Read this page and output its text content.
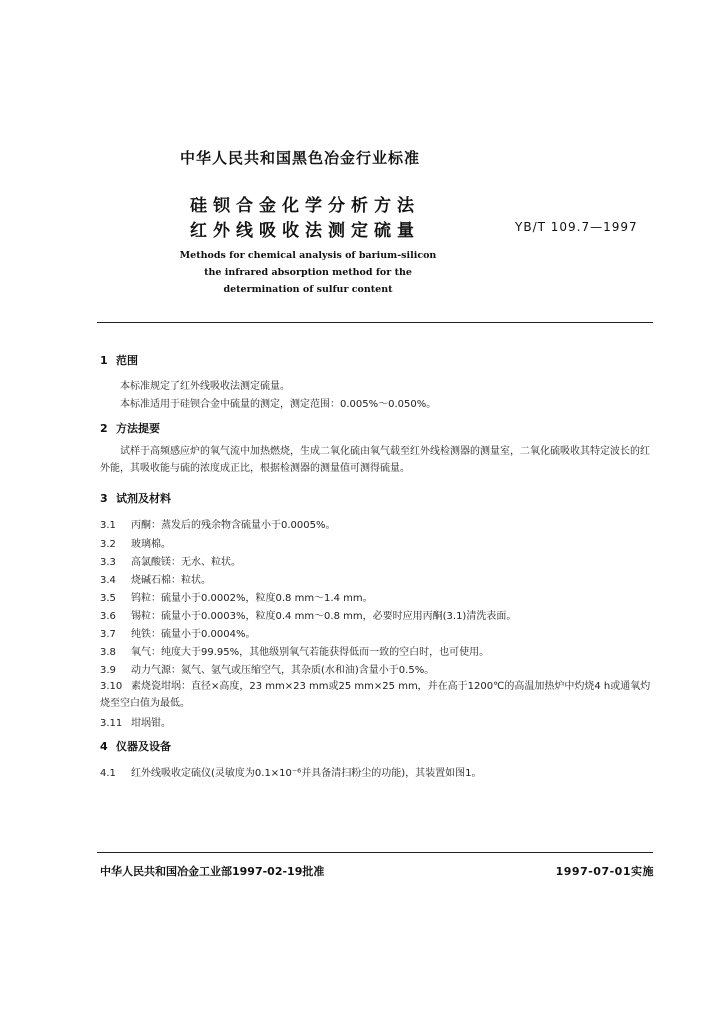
中华人民共和国黑色冶金行业标准
硅钡合金化学分析方法
红外线吸收法测定硫量	YB/T 109.7—1997
Methods for chemical analysis of barium-silicon
the infrared absorption method for the
determination of sulfur content
1 范围
本标准规定了红外线吸收法测定硫量。
本标准适用于硅钡合金中硫量的测定，测定范围：0.005%～0.050%。
2 方法提要
试样于高频感应炉的氧气流中加热燃烧，生成二氧化硫由氧气载至红外线检测器的测量室，二氧化硫吸收其特定波长的红外能，其吸收能与硫的浓度成正比，根据检测器的测量值可测得硫量。
3 试剂及材料
3.1 丙酮：蒸发后的残余物含硫量小于0.0005%。
3.2 玻璃棉。
3.3 高氯酸镁：无水、粒状。
3.4 烧碱石棉：粒状。
3.5 钨粒：硫量小于0.0002%，粒度0.8 mm～1.4 mm。
3.6 锡粒：硫量小于0.0003%，粒度0.4 mm～0.8 mm，必要时应用丙酮(3.1)清洗表面。
3.7 纯铁：硫量小于0.0004%。
3.8 氧气：纯度大于99.95%，其他级别氧气若能获得低而一致的空白时，也可使用。
3.9 动力气源：氮气、氩气或压缩空气，其杂质(水和油)含量小于0.5%。
3.10 素烧瓷坩埚：直径×高度，23 mm×23 mm或25 mm×25 mm，并在高于1200℃的高温加热炉中灼烧4 h或通氧灼烧至空白值为最低。
3.11 坩埚钳。
4 仪器及设备
4.1 红外线吸收定硫仪(灵敏度为0.1×10⁻⁶并具备清扫粉尘的功能)，其装置如图1。
中华人民共和国冶金工业部1997-02-19批准	1997-07-01实施
